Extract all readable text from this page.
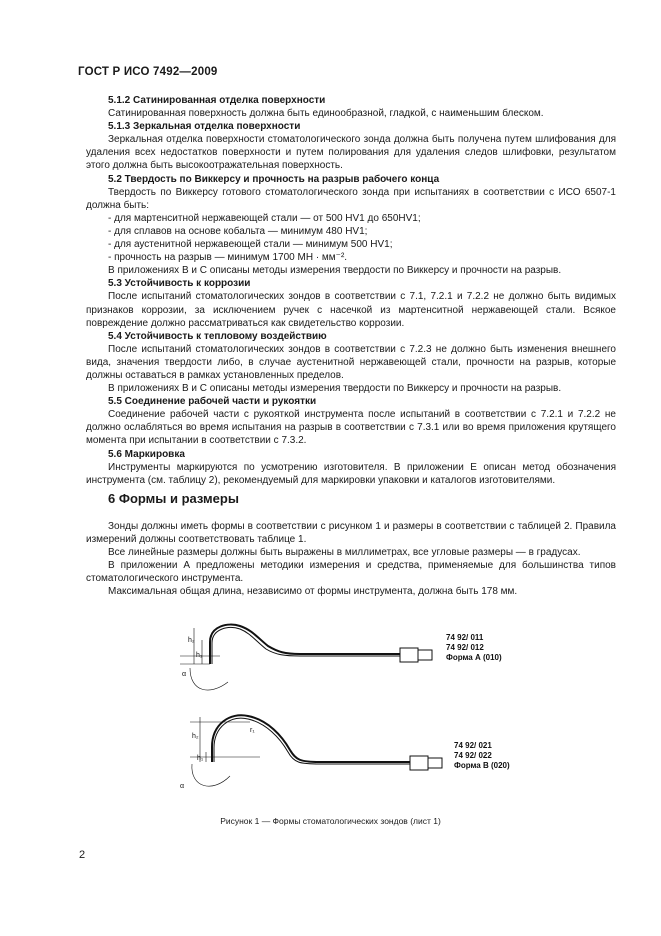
ГОСТ Р ИСО 7492—2009

5.1.2 Сатинированная отделка поверхности

Сатинированная поверхность должна быть единообразной, гладкой, с наименьшим блеском.

5.1.3 Зеркальная отделка поверхности

Зеркальная отделка поверхности стоматологического зонда должна быть получена путем шлифования для удаления всех недостатков поверхности и путем полирования для удаления следов шлифовки, результатом этого должна быть высокоотражательная поверхность.

5.2 Твердость по Виккерсу и прочность на разрыв рабочего конца

Твердость по Виккерсу готового стоматологического зонда при испытаниях в соответствии с ИСО 6507-1 должна быть:

- для мартенситной нержавеющей стали — от 500 HV1 до 650HV1;

- для сплавов на основе кобальта — минимум 480 HV1;

- для аустенитной нержавеющей стали — минимум 500 HV1;

- прочность на разрыв — минимум 1700 МН · мм⁻².

В приложениях В и С описаны методы измерения твердости по Виккерсу и прочности на разрыв.

5.3 Устойчивость к коррозии

После испытаний стоматологических зондов в соответствии с 7.1, 7.2.1 и 7.2.2 не должно быть видимых признаков коррозии, за исключением ручек с насечкой из мартенситной нержавеющей стали. Всякое повреждение должно рассматриваться как свидетельство коррозии.

5.4 Устойчивость к тепловому воздействию

После испытаний стоматологических зондов в соответствии с 7.2.3 не должно быть изменения внешнего вида, значения твердости либо, в случае аустенитной нержавеющей стали, прочности на разрыв, которые должны оставаться в рамках установленных пределов.

В приложениях В и С описаны методы измерения твердости по Виккерсу и прочности на разрыв.

5.5 Соединение рабочей части и рукоятки

Соединение рабочей части с рукояткой инструмента после испытаний в соответствии с 7.2.1 и 7.2.2 не должно ослабляться во время испытания на разрыв в соответствии с 7.3.1 или во время приложения крутящего момента при испытании в соответствии с 7.3.2.

5.6 Маркировка

Инструменты маркируются по усмотрению изготовителя. В приложении Е описан метод обозначения инструмента (см. таблицу 2), рекомендуемый для маркировки упаковки и каталогов изготовителями.

6 Формы и размеры

Зонды должны иметь формы в соответствии с рисунком 1 и размеры в соответствии с таблицей 2. Правила измерений должны соответствовать таблице 1.

Все линейные размеры должны быть выражены в миллиметрах, все угловые размеры — в градусах.

В приложении А предложены методики измерения и средства, применяемые для большинства типов стоматологического инструмента.

Максимальная общая длина, независимо от формы инструмента, должна быть 178 мм.

h₂
h₁
α
74 92/ 011
74 92/ 012
Форма А (010)
h₂
h₁
r₁
α
74 92/ 021
74 92/ 022
Форма В (020)
Рисунок 1 — Формы стоматологических зондов (лист 1)
2
